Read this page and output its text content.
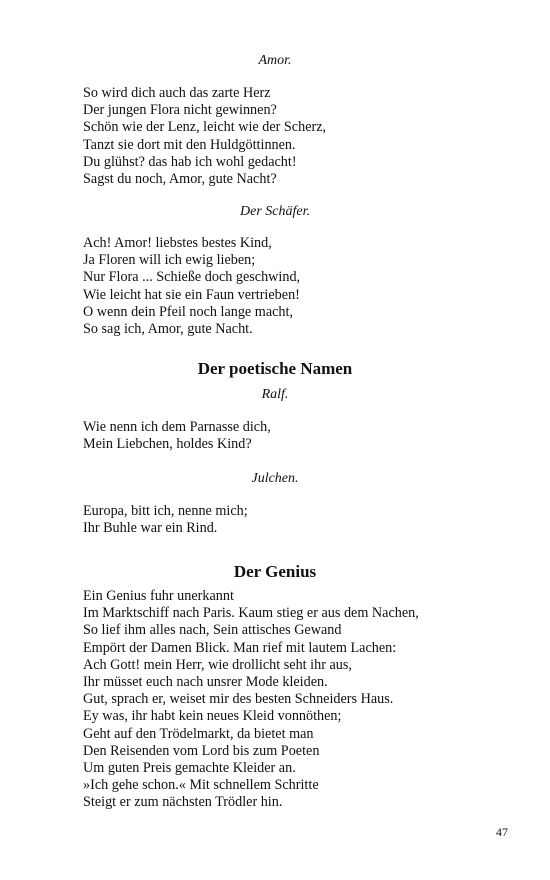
Amor.
So wird dich auch das zarte Herz
Der jungen Flora nicht gewinnen?
Schön wie der Lenz, leicht wie der Scherz,
Tanzt sie dort mit den Huldgöttinnen.
Du glühst? das hab ich wohl gedacht!
Sagst du noch, Amor, gute Nacht?
Der Schäfer.
Ach! Amor! liebstes bestes Kind,
Ja Floren will ich ewig lieben;
Nur Flora ... Schieße doch geschwind,
Wie leicht hat sie ein Faun vertrieben!
O wenn dein Pfeil noch lange macht,
So sag ich, Amor, gute Nacht.
Der poetische Namen
Ralf.
Wie nenn ich dem Parnasse dich,
Mein Liebchen, holdes Kind?
Julchen.
Europa, bitt ich, nenne mich;
Ihr Buhle war ein Rind.
Der Genius
Ein Genius fuhr unerkannt
Im Marktschiff nach Paris. Kaum stieg er aus dem Nachen,
So lief ihm alles nach, Sein attisches Gewand
Empört der Damen Blick. Man rief mit lautem Lachen:
Ach Gott! mein Herr, wie drollicht seht ihr aus,
Ihr müsset euch nach unsrer Mode kleiden.
Gut, sprach er, weiset mir des besten Schneiders Haus.
Ey was, ihr habt kein neues Kleid vonnöthen;
Geht auf den Trödelmarkt, da bietet man
Den Reisenden vom Lord bis zum Poeten
Um guten Preis gemachte Kleider an.
»Ich gehe schon.« Mit schnellem Schritte
Steigt er zum nächsten Trödler hin.
47
